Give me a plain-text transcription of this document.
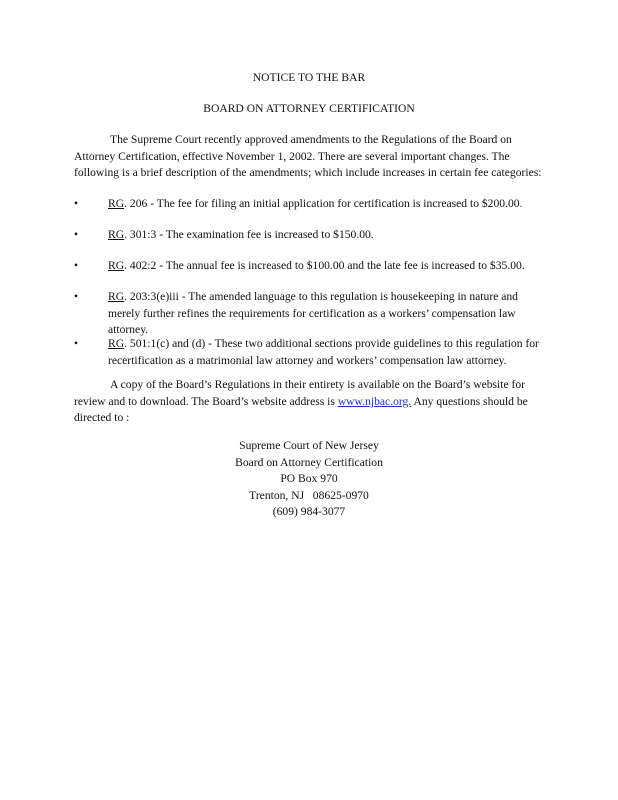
NOTICE TO THE BAR
BOARD ON ATTORNEY CERTIFICATION

The Supreme Court recently approved amendments to the Regulations of the Board on Attorney Certification, effective November 1, 2002. There are several important changes. The following is a brief description of the amendments; which include increases in certain fee categories:

•	RG. 206 - The fee for filing an initial application for certification is increased to $200.00.
•	RG. 301:3 - The examination fee is increased to $150.00.
•	RG. 402:2 - The annual fee is increased to $100.00 and the late fee is increased to $35.00.
•	RG. 203:3(e)iii - The amended language to this regulation is housekeeping in nature and merely further refines the requirements for certification as a workers’ compensation law attorney.
•	RG. 501:1(c) and (d) - These two additional sections provide guidelines to this regulation for recertification as a matrimonial law attorney and workers’ compensation law attorney.

A copy of the Board’s Regulations in their entirety is available on the Board’s website for review and to download. The Board’s website address is www.njbac.org. Any questions should be directed to :

Supreme Court of New Jersey
Board on Attorney Certification
PO Box 970
Trenton, NJ   08625-0970
(609) 984-3077
